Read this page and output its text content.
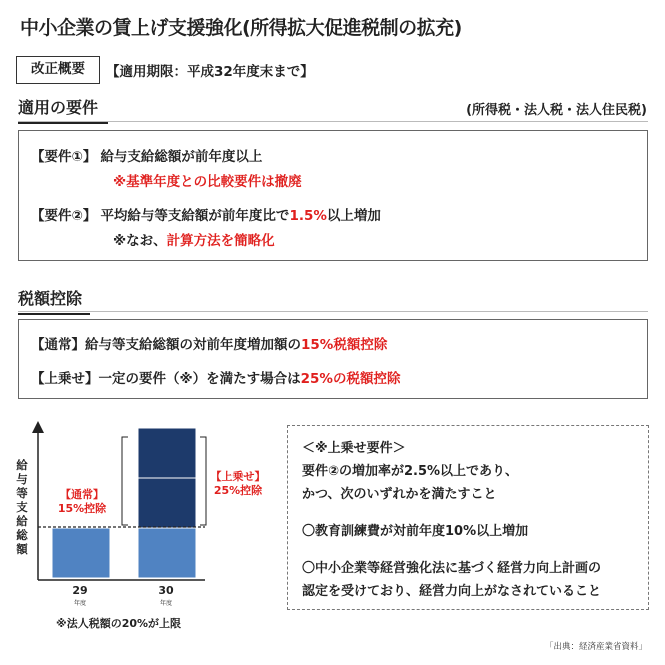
中小企業の賃上げ支援強化(所得拡大促進税制の拡充)
改正概要	【適用期限：平成32年度末まで】
適用の要件	(所得税・法人税・法人住民税)
【要件①】 給与支給総額が前年度以上
※基準年度との比較要件は撤廃
【要件②】 平均給与等支給額が前年度比で1.5%以上増加
※なお、計算方法を簡略化
税額控除
【通常】給与等支給総額の対前年度増加額の15%税額控除
【上乗せ】一定の要件（※）を満たす場合は25%の税額控除
給与等支給総額
【通常】
15%控除
【上乗せ】
25%控除
29
年度
30
年度
※法人税額の20%が上限
＜※上乗せ要件＞
要件②の増加率が2.5%以上であり、
かつ、次のいずれかを満たすこと
〇教育訓練費が対前年度10%以上増加
〇中小企業等経営強化法に基づく経営力向上計画の
認定を受けており、経営力向上がなされていること
「出典：経済産業省資料」
